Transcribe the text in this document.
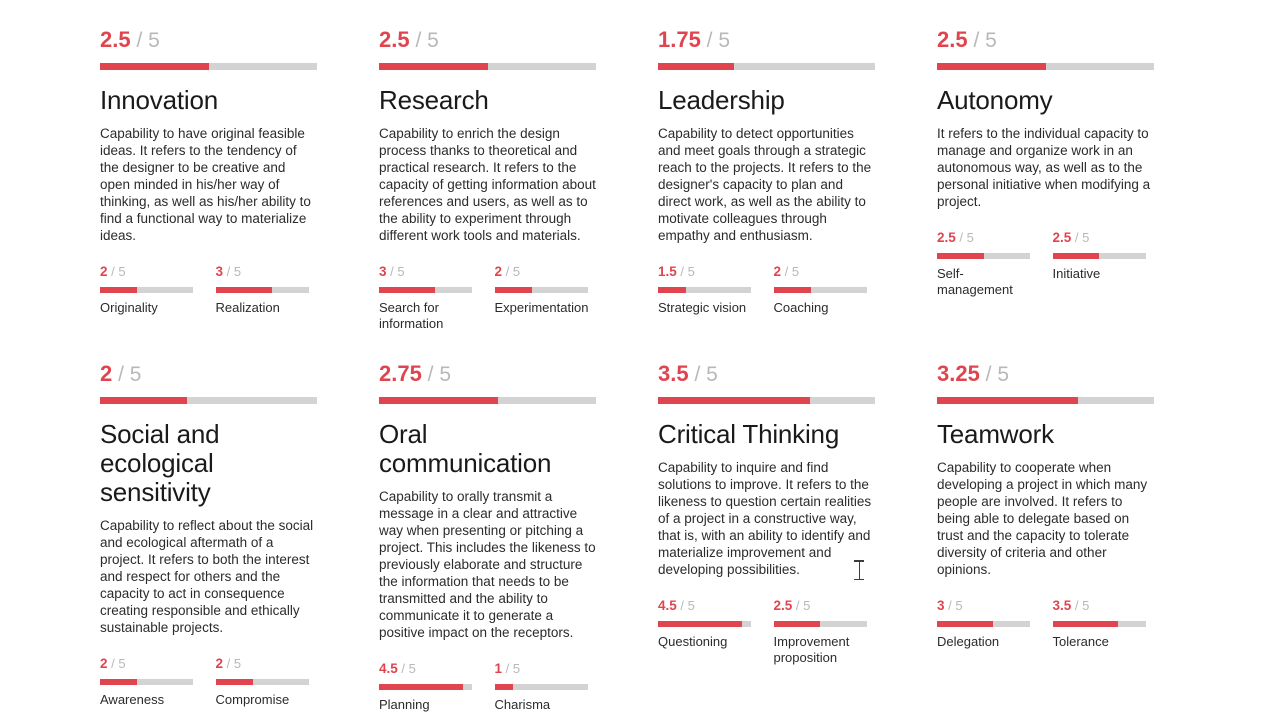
2.5 / 5
Innovation

Capability to have original feasible ideas. It refers to the tendency of the designer to be creative and open minded in his/her way of thinking, as well as his/her ability to find a functional way to materialize ideas.

2 / 5
Originality
3 / 5
Realization
2.5 / 5
Research

Capability to enrich the design process thanks to theoretical and practical research. It refers to the capacity of getting information about references and users, as well as to the ability to experiment through different work tools and materials.

3 / 5
Search for information
2 / 5
Experimentation
1.75 / 5
Leadership

Capability to detect opportunities and meet goals through a strategic reach to the projects. It refers to the designer's capacity to plan and direct work, as well as the ability to motivate colleagues through empathy and enthusiasm.

1.5 / 5
Strategic vision
2 / 5
Coaching
2.5 / 5
Autonomy

It refers to the individual capacity to manage and organize work in an autonomous way, as well as to the personal initiative when modifying a project.

2.5 / 5
Self-management
2.5 / 5
Initiative
2 / 5
Social and ecological sensitivity

Capability to reflect about the social and ecological aftermath of a project. It refers to both the interest and respect for others and the capacity to act in consequence creating responsible and ethically sustainable projects.

2 / 5
Awareness
2 / 5
Compromise
2.75 / 5
Oral communication

Capability to orally transmit a message in a clear and attractive way when presenting or pitching a project. This includes the likeness to previously elaborate and structure the information that needs to be transmitted and the ability to communicate it to generate a positive impact on the receptors.

4.5 / 5
Planning
1 / 5
Charisma
3.5 / 5
Critical Thinking

Capability to inquire and find solutions to improve. It refers to the likeness to question certain realities of a project in a constructive way, that is, with an ability to identify and materialize improvement and developing possibilities.

4.5 / 5
Questioning
2.5 / 5
Improvement proposition
3.25 / 5
Teamwork

Capability to cooperate when developing a project in which many people are involved. It refers to being able to delegate based on trust and the capacity to tolerate diversity of criteria and other opinions.

3 / 5
Delegation
3.5 / 5
Tolerance
